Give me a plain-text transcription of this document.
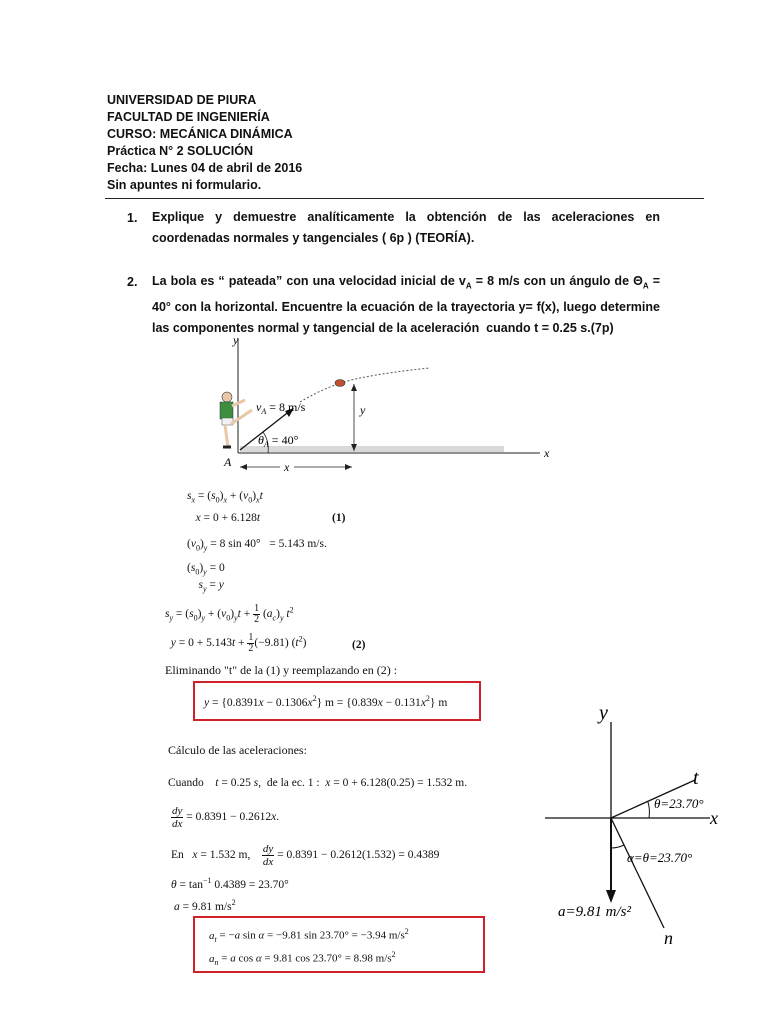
UNIVERSIDAD DE PIURA
FACULTAD DE INGENIERÍA
CURSO: MECÁNICA DINÁMICA
Práctica N° 2 SOLUCIÓN
Fecha: Lunes 04 de abril de 2016
Sin apuntes ni formulario.
1. Explique y demuestre analíticamente la obtención de las aceleraciones en coordenadas normales y tangenciales ( 6p ) (TEORÍA).
2. La bola es “ pateada” con una velocidad inicial de $v_A = 8$ m/s con un ángulo de $\Theta_A = 40^\circ$ con la horizontal. Encuentre la ecuación de la trayectoria y= f(x), luego determine las componentes normal y tangencial de la aceleración  cuando t = 0.25 s.(7p)
y
x
A
$v_A = 8$ m/s
$\theta_A = 40^\circ$
y
x
$s_x = (s_0)_x + (v_0)_xt$
x = 0 + 6.128t	(1)
$(v_0)_y = 8$ sin 40°   = 5.143 m/s.
$(s_0)_y = 0$
$s_y = y$
$s_y = (s_0)_y + (v_0)_yt + 1$
2 $(a_c)_y$ $t^2$
y = 0 + 5.143t + 1
2(−9.81) $(t^2)$	(2)
Eliminando "t" de la (1) y reemplazando en (2) :
$y = \{0.8391x - 0.1306x^2\}$ $m = \{0.839x - 0.131x^2\}$ m
Cálculo de las aceleraciones:
Cuando    t = 0.25 s,  de la ec. 1 :  x = 0 + 6.128(0.25) = 1.532 m.
$\frac{dy}{dx} = 0.8391 - 0.2612x$.
En   x = 1.532 m,    $\frac{dy}{dx} = 0.8391 - 0.2612(1.532) = 0.4389$
$\theta = \tan^{-1} 0.4389 = 23.70^\circ$
a = 9.81 $m/s^2$
$a_t = -a$ sin α = −9.81 sin 23.70° = −3.94 $m/s^2$
$a_n = a$ cos α = 9.81 cos 23.70° = 8.98 $m/s^2$
y
t
x
θ=23.70°
α=θ=23.70°
a=9.81 m/s²
n
